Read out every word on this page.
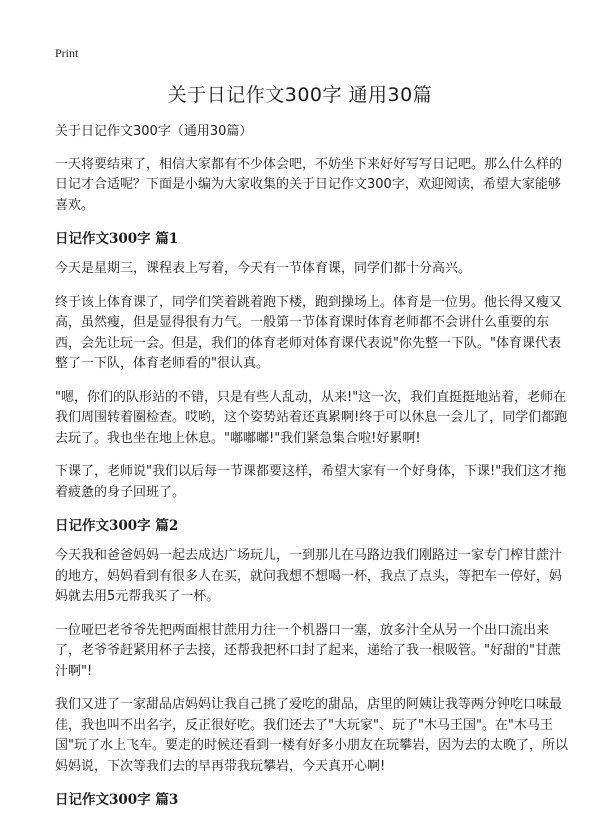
Print
关于日记作文300字 通用30篇

关于日记作文300字（通用30篇）

一天将要结束了，相信大家都有不少体会吧，不妨坐下来好好写写日记吧。那么什么样的日记才合适呢？下面是小编为大家收集的关于日记作文300字，欢迎阅读，希望大家能够喜欢。

日记作文300字 篇1

今天是星期三，课程表上写着，今天有一节体育课，同学们都十分高兴。

终于该上体育课了，同学们笑着跳着跑下楼，跑到操场上。体育是一位男。他长得又瘦又高，虽然瘦，但是显得很有力气。一般第一节体育课时体育老师都不会讲什么重要的东西，会先让玩一会。但是，我们的体育老师对体育课代表说"你先整一下队。"体育课代表整了一下队，体育老师看的"很认真。

"嗯，你们的队形站的不错，只是有些人乱动，从来!"这一次，我们直挺挺地站着，老师在我们周围转着圈检查。哎哟，这个姿势站着还真累啊!终于可以休息一会儿了，同学们都跑去玩了。我也坐在地上休息。"嘟嘟嘟!"我们紧急集合啦!好累啊!

下课了，老师说"我们以后每一节课都要这样，希望大家有一个好身体，下课!"我们这才拖着疲惫的身子回班了。

日记作文300字 篇2

今天我和爸爸妈妈一起去成达广场玩儿，一到那儿在马路边我们刚路过一家专门榨甘蔗汁的地方，妈妈看到有很多人在买，就问我想不想喝一杯，我点了点头，等把车一停好，妈妈就去用5元帮我买了一杯。

一位哑巴老爷爷先把两面根甘蔗用力往一个机器口一塞，放多汁全从另一个出口流出来了，老爷爷赶紧用杯子去接，还帮我把杯口封了起来，递给了我一根吸管。"好甜的"甘蔗汁啊"!

我们又进了一家甜品店妈妈让我自己挑了爱吃的甜品，店里的阿姨让我等两分钟吃口味最佳，我也叫不出名字，反正很好吃。我们还去了"大玩家"、玩了"木马王国"。在"木马王国"玩了水上飞车。要走的时候还看到一楼有好多小朋友在玩攀岩，因为去的太晚了，所以妈妈说，下次等我们去的早再带我玩攀岩，今天真开心啊!

日记作文300字 篇3
